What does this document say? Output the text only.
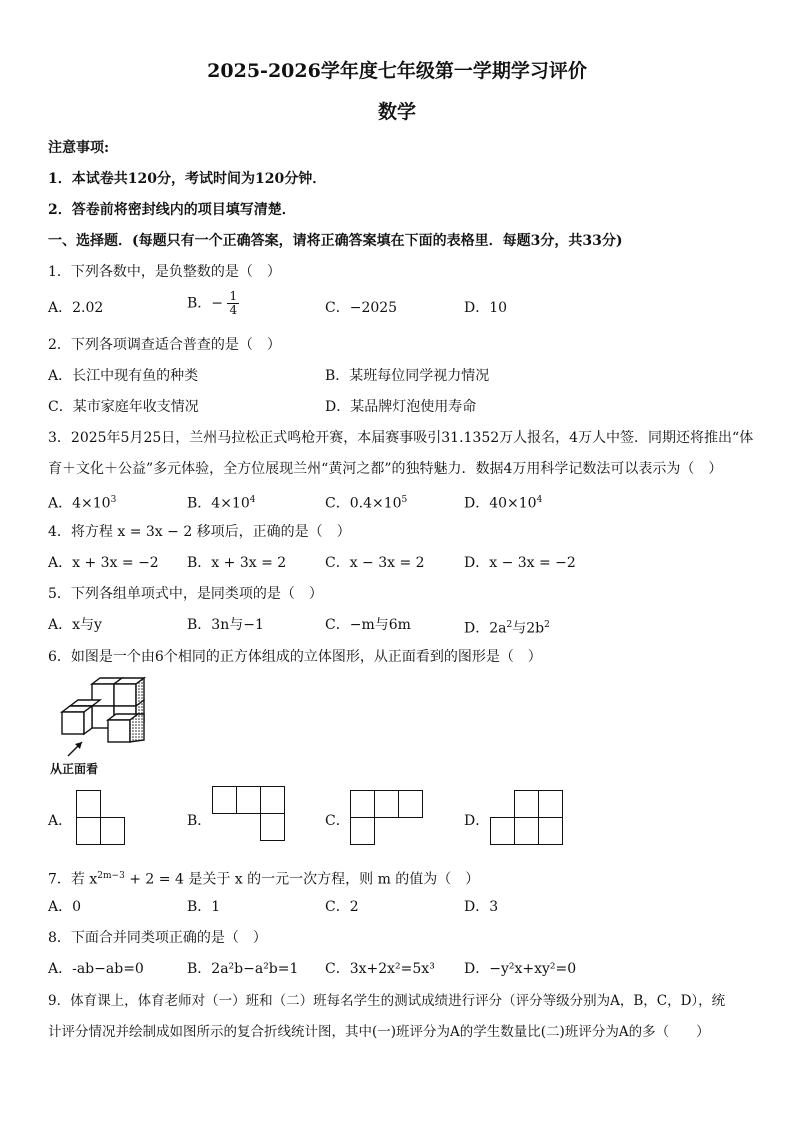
2025-2026学年度七年级第一学期学习评价
数学
注意事项:
1．本试卷共120分，考试时间为120分钟．
2．答卷前将密封线内的项目填写清楚．
一、选择题．(每题只有一个正确答案，请将正确答案填在下面的表格里．每题3分，共33分)
1．下列各数中，是负整数的是（　）
A．2.02	B．− $\frac{1}{4}$	C．−2025	D．10
2．下列各项调查适合普查的是（　）
A．长江中现有鱼的种类	B．某班每位同学视力情况
C．某市家庭年收支情况	D．某品牌灯泡使用寿命
3．2025年5月25日，兰州马拉松正式鸣枪开赛，本届赛事吸引31.1352万人报名，4万人中签．同期还将推出“体
育＋文化＋公益”多元体验，全方位展现兰州“黄河之都”的独特魅力．数据4万用科学记数法可以表示为（　）
A．$4\times 10^3$	B．$4\times 10^4$	C．$0.4\times 10^5$	D．$40\times 10^4$
4．将方程 x = 3x − 2 移项后，正确的是（　）
A．x + 3x = −2 B．x + 3x = 2	C．x − 3x = 2	D．x − 3x = −2
5．下列各组单项式中，是同类项的是（　）
A．x与y	B．3n与−1	C．−m与6m	D．$2a^2$与$2b^2$
6．如图是一个由6个相同的正方体组成的立体图形，从正面看到的图形是（　）
从正面看
A．	B．	C．	D．
7．若 $x^{2m-3} + 2 = 4$ 是关于 x 的一元一次方程，则 m 的值为（　）
A．0	B．1	C．2	D．3
8．下面合并同类项正确的是（　）
A．-ab−ab=0	B．2a²b−a²b=1 C．3x+2x²=5x³ D．−y²x+xy²=0
9．体育课上，体育老师对（一）班和（二）班每名学生的测试成绩进行评分（评分等级分别为A，B，C，D），统
计评分情况并绘制成如图所示的复合折线统计图，其中(一)班评分为A的学生数量比(二)班评分为A的多（　　）
